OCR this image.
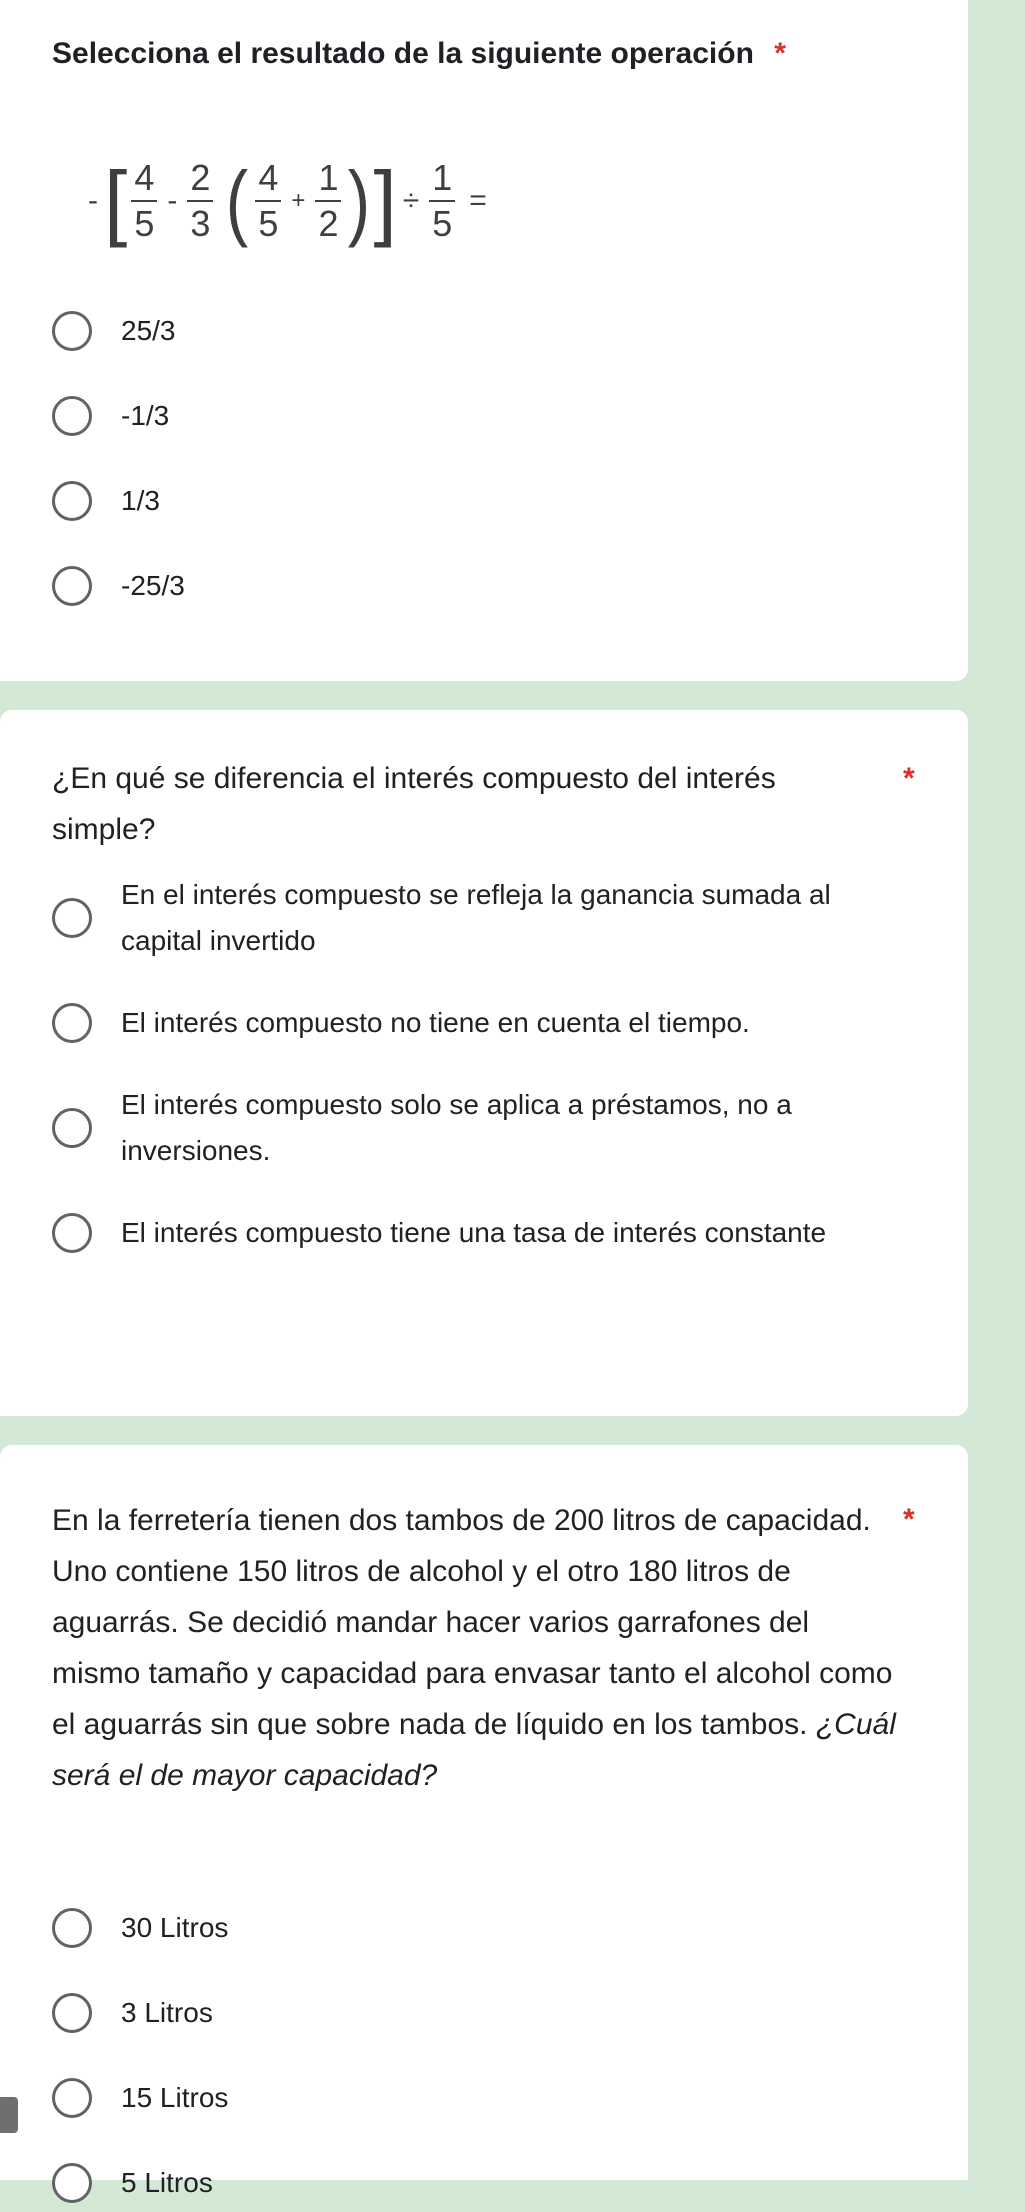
Selecciona el resultado de la siguiente operación *
- [ $\frac{4}{5} - \frac{2}{3}$ ( $\frac{4}{5} + \frac{1}{2}$ ) ] ÷ $\frac{1}{5}$ =
25/3
-1/3
1/3
-25/3
¿En qué se diferencia el interés compuesto del interés simple?
*
En el interés compuesto se refleja la ganancia sumada al capital invertido
El interés compuesto no tiene en cuenta el tiempo.
El interés compuesto solo se aplica a préstamos, no a inversiones.
El interés compuesto tiene una tasa de interés constante
En la ferretería tienen dos tambos de 200 litros de capacidad. Uno contiene 150 litros de alcohol y el otro 180 litros de aguarrás. Se decidió mandar hacer varios garrafones del mismo tamaño y capacidad para envasar tanto el alcohol como el aguarrás sin que sobre nada de líquido en los tambos. ¿Cuál será el de mayor capacidad?
*
30 Litros
3 Litros
15 Litros
5 Litros
